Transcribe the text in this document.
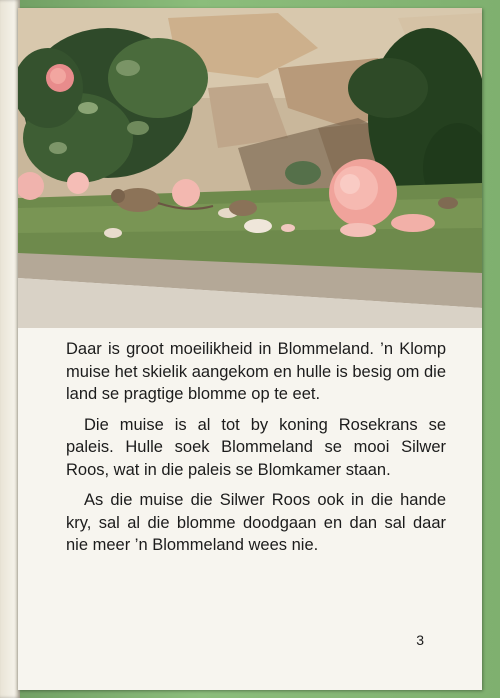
Daar is groot moeilikheid in Blommeland. ’n Klomp muise het skielik aangekom en hulle is besig om die land se pragtige blomme op te eet.

Die muise is al tot by koning Rosekrans se paleis. Hulle soek Blommeland se mooi Silwer Roos, wat in die paleis se Blomkamer staan.

As die muise die Silwer Roos ook in die hande kry, sal al die blomme doodgaan en dan sal daar nie meer ’n Blommeland wees nie.

3
